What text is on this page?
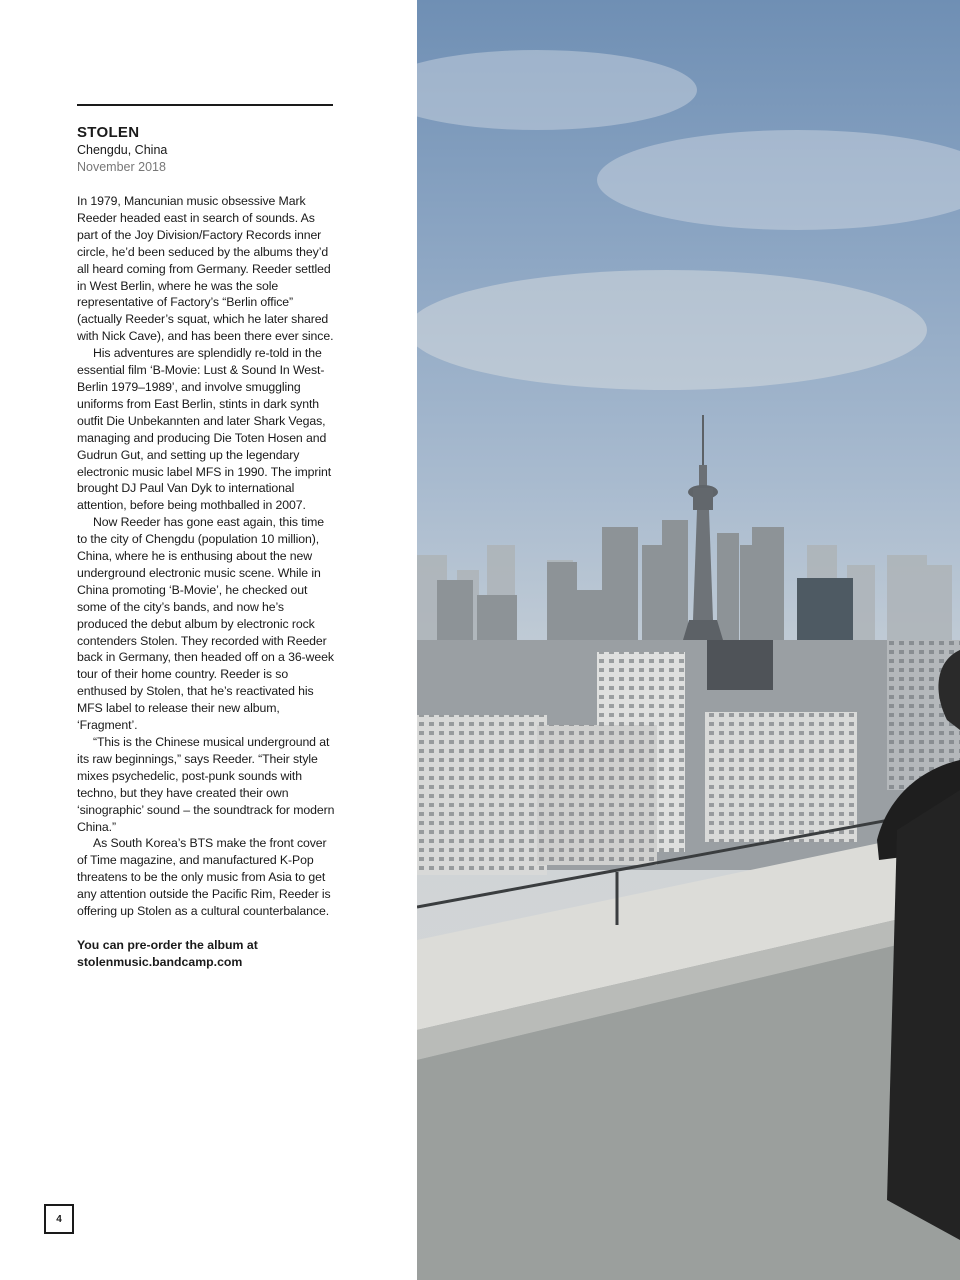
STOLEN
Chengdu, China
November 2018

In 1979, Mancunian music obsessive Mark Reeder headed east in search of sounds. As part of the Joy Division/Factory Records inner circle, he’d been seduced by the albums they’d all heard coming from Germany. Reeder settled in West Berlin, where he was the sole representative of Factory’s “Berlin office” (actually Reeder’s squat, which he later shared with Nick Cave), and has been there ever since.

His adventures are splendidly re-told in the essential film ‘B-Movie: Lust & Sound In West-Berlin 1979–1989’, and involve smuggling uniforms from East Berlin, stints in dark synth outfit Die Unbekannten and later Shark Vegas, managing and producing Die Toten Hosen and Gudrun Gut, and setting up the legendary electronic music label MFS in 1990. The imprint brought DJ Paul Van Dyk to international attention, before being mothballed in 2007.

Now Reeder has gone east again, this time to the city of Chengdu (population 10 million), China, where he is enthusing about the new underground electronic music scene. While in China promoting ‘B-Movie’, he checked out some of the city’s bands, and now he’s produced the debut album by electronic rock contenders Stolen. They recorded with Reeder back in Germany, then headed off on a 36-week tour of their home country. Reeder is so enthused by Stolen, that he’s reactivated his MFS label to release their new album, ‘Fragment’.

“This is the Chinese musical underground at its raw beginnings,” says Reeder. “Their style mixes psychedelic, post-punk sounds with techno, but they have created their own ‘sinographic’ sound – the soundtrack for modern China.”

As South Korea’s BTS make the front cover of Time magazine, and manufactured K-Pop threatens to be the only music from Asia to get any attention outside the Pacific Rim, Reeder is offering up Stolen as a cultural counterbalance.

You can pre-order the album at stolenmusic.bandcamp.com
4
